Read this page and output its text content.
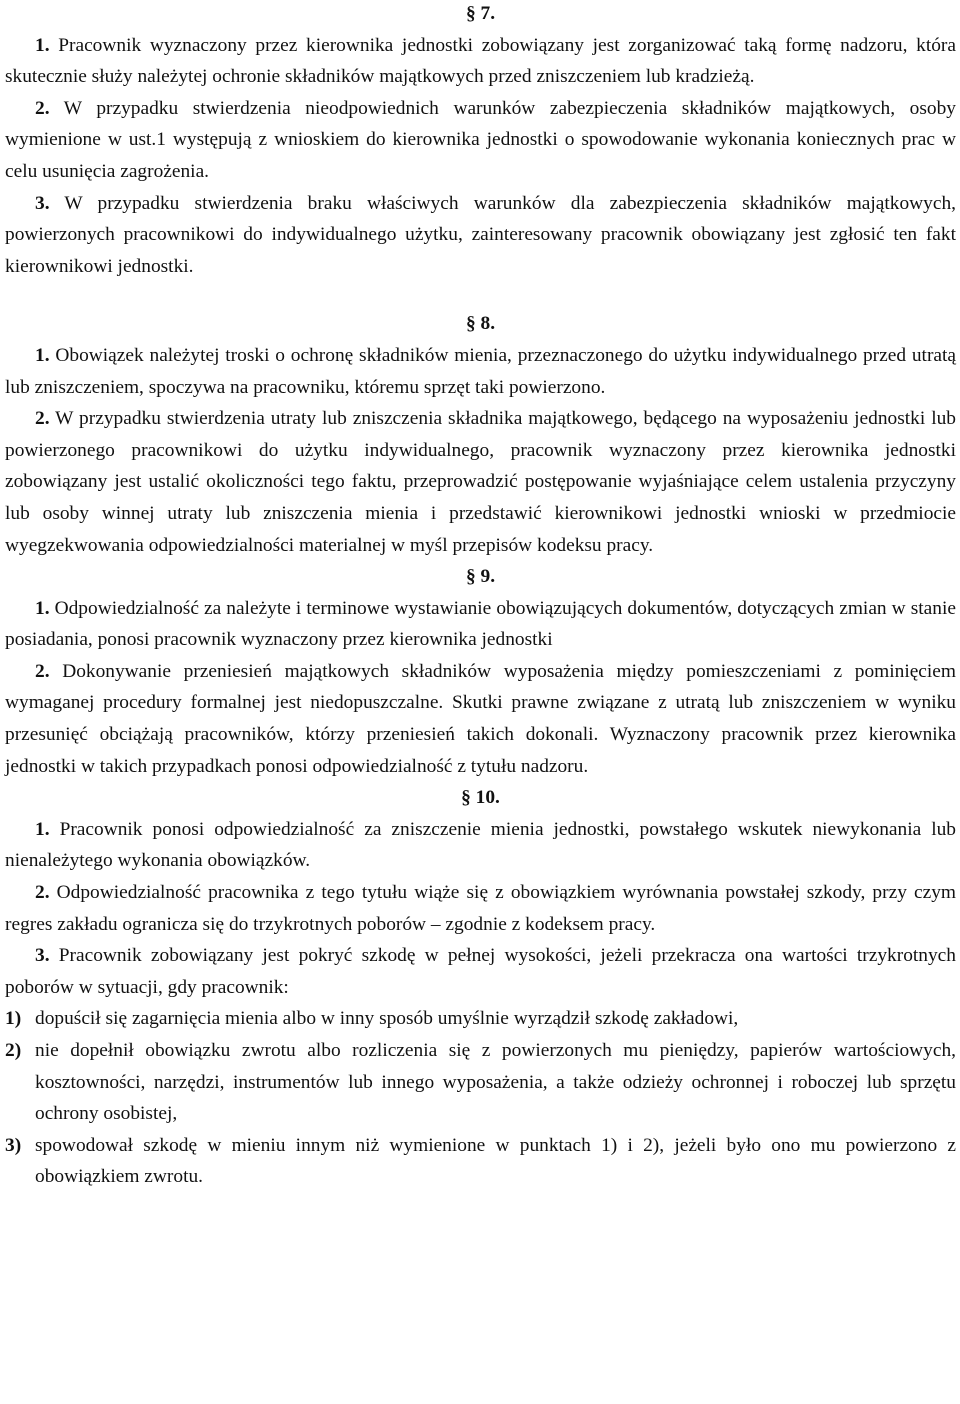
§ 7.

1. Pracownik wyznaczony przez kierownika jednostki zobowiązany jest zorganizować taką formę nadzoru, która skutecznie służy należytej ochronie składników majątkowych przed zniszczeniem lub kradzieżą.

2. W przypadku stwierdzenia nieodpowiednich warunków zabezpieczenia składników majątkowych, osoby wymienione w ust.1 występują z wnioskiem do kierownika jednostki o spowodowanie wykonania koniecznych prac w celu usunięcia zagrożenia.

3. W przypadku stwierdzenia braku właściwych warunków dla zabezpieczenia składników majątkowych, powierzonych pracownikowi do indywidualnego użytku, zainteresowany pracownik obowiązany jest zgłosić ten fakt kierownikowi jednostki.

§ 8.

1. Obowiązek należytej troski o ochronę składników mienia, przeznaczonego do użytku indywidualnego przed utratą lub zniszczeniem, spoczywa na pracowniku, któremu sprzęt taki powierzono.

2. W przypadku stwierdzenia utraty lub zniszczenia składnika majątkowego, będącego na wyposażeniu jednostki lub powierzonego pracownikowi do użytku indywidualnego, pracownik wyznaczony przez kierownika jednostki zobowiązany jest ustalić okoliczności tego faktu, przeprowadzić postępowanie wyjaśniające celem ustalenia przyczyny lub osoby winnej utraty lub zniszczenia mienia i przedstawić kierownikowi jednostki wnioski w przedmiocie wyegzekwowania odpowiedzialności materialnej w myśl przepisów kodeksu pracy.

§ 9.

1. Odpowiedzialność za należyte i terminowe wystawianie obowiązujących dokumentów, dotyczących zmian w stanie posiadania, ponosi pracownik wyznaczony przez kierownika jednostki

2. Dokonywanie przeniesień majątkowych składników wyposażenia między pomieszczeniami z pominięciem wymaganej procedury formalnej jest niedopuszczalne. Skutki prawne związane z utratą lub zniszczeniem w wyniku przesunięć obciążają pracowników, którzy przeniesień takich dokonali. Wyznaczony pracownik przez kierownika jednostki w takich przypadkach ponosi odpowiedzialność z tytułu nadzoru.

§ 10.

1. Pracownik ponosi odpowiedzialność za zniszczenie mienia jednostki, powstałego wskutek niewykonania lub nienależytego wykonania obowiązków.

2. Odpowiedzialność pracownika z tego tytułu wiąże się z obowiązkiem wyrównania powstałej szkody, przy czym regres zakładu ogranicza się do trzykrotnych poborów – zgodnie z kodeksem pracy.

3. Pracownik zobowiązany jest pokryć szkodę w pełnej wysokości, jeżeli przekracza ona wartości trzykrotnych poborów w sytuacji, gdy pracownik:

1) dopuścił się zagarnięcia mienia albo w inny sposób umyślnie wyrządził szkodę zakładowi,
2) nie dopełnił obowiązku zwrotu albo rozliczenia się z powierzonych mu pieniędzy, papierów wartościowych, kosztowności, narzędzi, instrumentów lub innego wyposażenia, a także odzieży ochronnej i roboczej lub sprzętu ochrony osobistej,
3) spowodował szkodę w mieniu innym niż wymienione w punktach 1) i 2), jeżeli było ono mu powierzono z obowiązkiem zwrotu.
